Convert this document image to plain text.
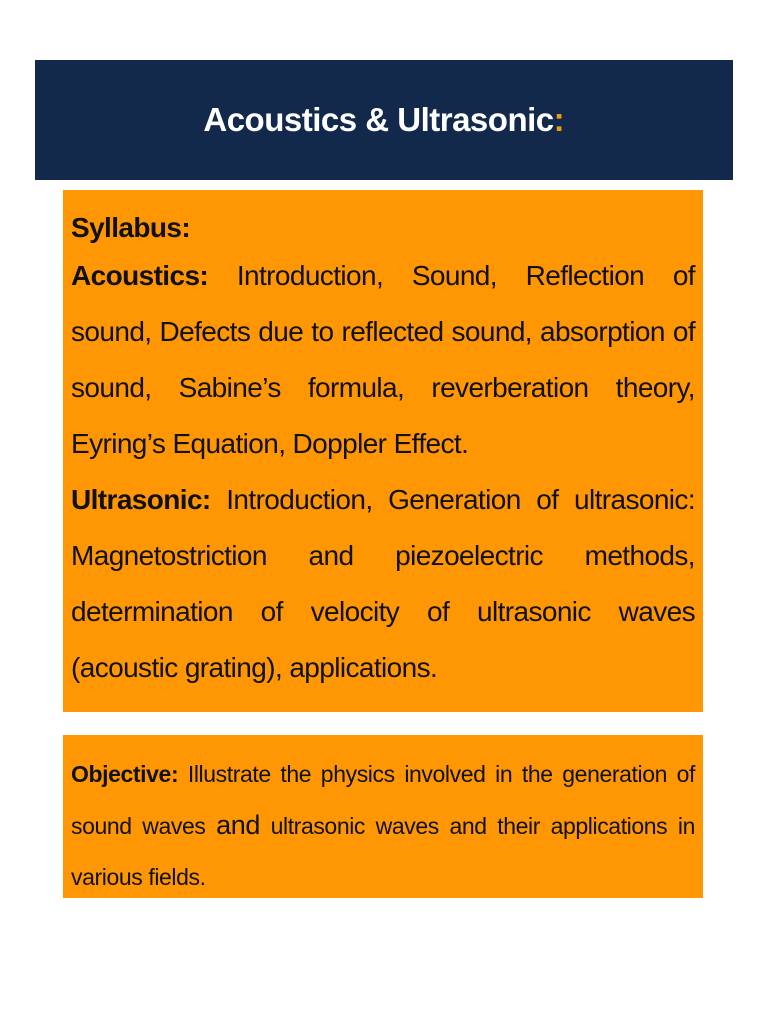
Acoustics & Ultrasonic :

Syllabus:

Acoustics: Introduction, Sound, Reflection of sound, Defects due to reflected sound, absorption of sound, Sabine’s formula, reverberation theory, Eyring’s Equation, Doppler Effect.

Ultrasonic: Introduction, Generation of ultrasonic: Magnetostriction and piezoelectric methods, determination of velocity of ultrasonic waves (acoustic grating), applications.

Objective: Illustrate the physics involved in the generation of sound waves and ultrasonic waves and their applications in various fields.
